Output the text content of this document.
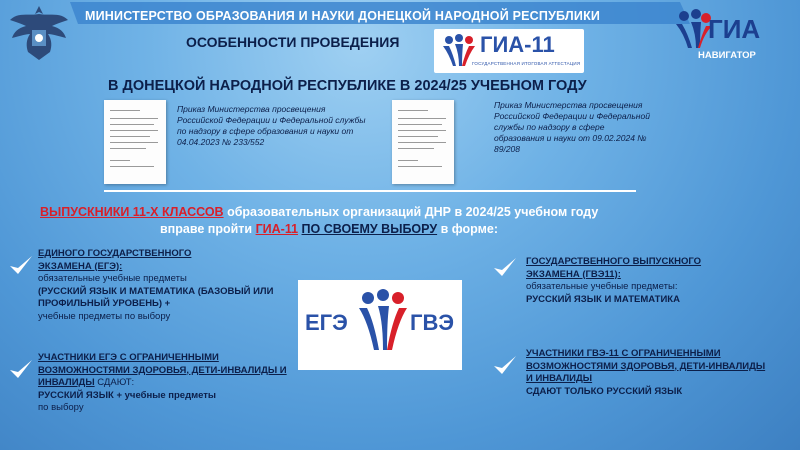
МИНИСТЕРСТВО ОБРАЗОВАНИЯ И НАУКИ ДОНЕЦКОЙ НАРОДНОЙ РЕСПУБЛИКИ
ОСОБЕННОСТИ ПРОВЕДЕНИЯ	ГИА-11
ГОСУДАРСТВЕННАЯ ИТОГОВАЯ АТТЕСТАЦИЯ
ГИА
НАВИГАТОР
В ДОНЕЦКОЙ НАРОДНОЙ РЕСПУБЛИКЕ В 2024/25 УЧЕБНОМ ГОДУ
Приказ Министерства просвещения Российской Федерации и Федеральной службы по надзору в сфере образования и науки от 04.04.2023 № 233/552
Приказ Министерства просвещения Российской Федерации и Федеральной службы по надзору в сфере образования и науки от 09.02.2024 № 89/208
ВЫПУСКНИКИ 11-Х КЛАССОВ образовательных организаций ДНР в 2024/25 учебном году
вправе пройти ГИА-11 ПО СВОЕМУ ВЫБОРУ в форме:
ЕДИНОГО ГОСУДАРСТВЕННОГО ЭКЗАМЕНА (ЕГЭ):
обязательные учебные предметы
(РУССКИЙ ЯЗЫК И МАТЕМАТИКА (БАЗОВЫЙ ИЛИ ПРОФИЛЬНЫЙ УРОВЕНЬ) +
учебные предметы по выбору
УЧАСТНИКИ ЕГЭ С ОГРАНИЧЕННЫМИ ВОЗМОЖНОСТЯМИ ЗДОРОВЬЯ, ДЕТИ-ИНВАЛИДЫ И ИНВАЛИДЫ СДАЮТ:
РУССКИЙ ЯЗЫК + учебные предметы
по выбору
ЕГЭ	ГВЭ
ГОСУДАРСТВЕННОГО ВЫПУСКНОГО ЭКЗАМЕНА (ГВЭ11):
обязательные учебные предметы:
РУССКИЙ ЯЗЫК И МАТЕМАТИКА
УЧАСТНИКИ ГВЭ-11 С ОГРАНИЧЕННЫМИ ВОЗМОЖНОСТЯМИ ЗДОРОВЬЯ, ДЕТИ-ИНВАЛИДЫ И ИНВАЛИДЫ
СДАЮТ ТОЛЬКО РУССКИЙ ЯЗЫК
